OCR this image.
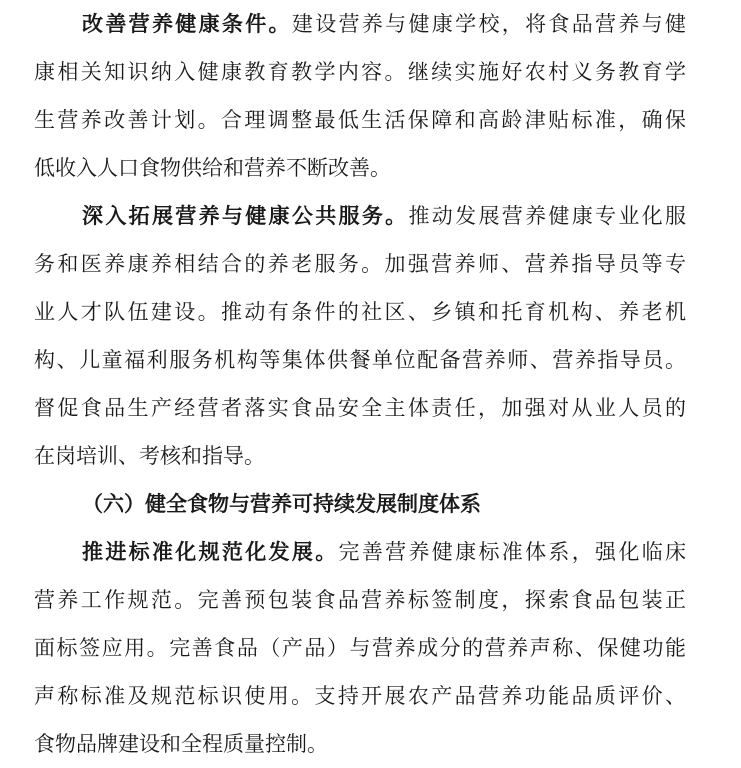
改善营养健康条件。建设营养与健康学校，将食品营养与健
康相关知识纳入健康教育教学内容。继续实施好农村义务教育学
生营养改善计划。合理调整最低生活保障和高龄津贴标准，确保
低收入人口食物供给和营养不断改善。
深入拓展营养与健康公共服务。推动发展营养健康专业化服
务和医养康养相结合的养老服务。加强营养师、营养指导员等专
业人才队伍建设。推动有条件的社区、乡镇和托育机构、养老机
构、儿童福利服务机构等集体供餐单位配备营养师、营养指导员。
督促食品生产经营者落实食品安全主体责任，加强对从业人员的
在岗培训、考核和指导。
（六）健全食物与营养可持续发展制度体系
推进标准化规范化发展。完善营养健康标准体系，强化临床
营养工作规范。完善预包装食品营养标签制度，探索食品包装正
面标签应用。完善食品（产品）与营养成分的营养声称、保健功能
声称标准及规范标识使用。支持开展农产品营养功能品质评价、
食物品牌建设和全程质量控制。
